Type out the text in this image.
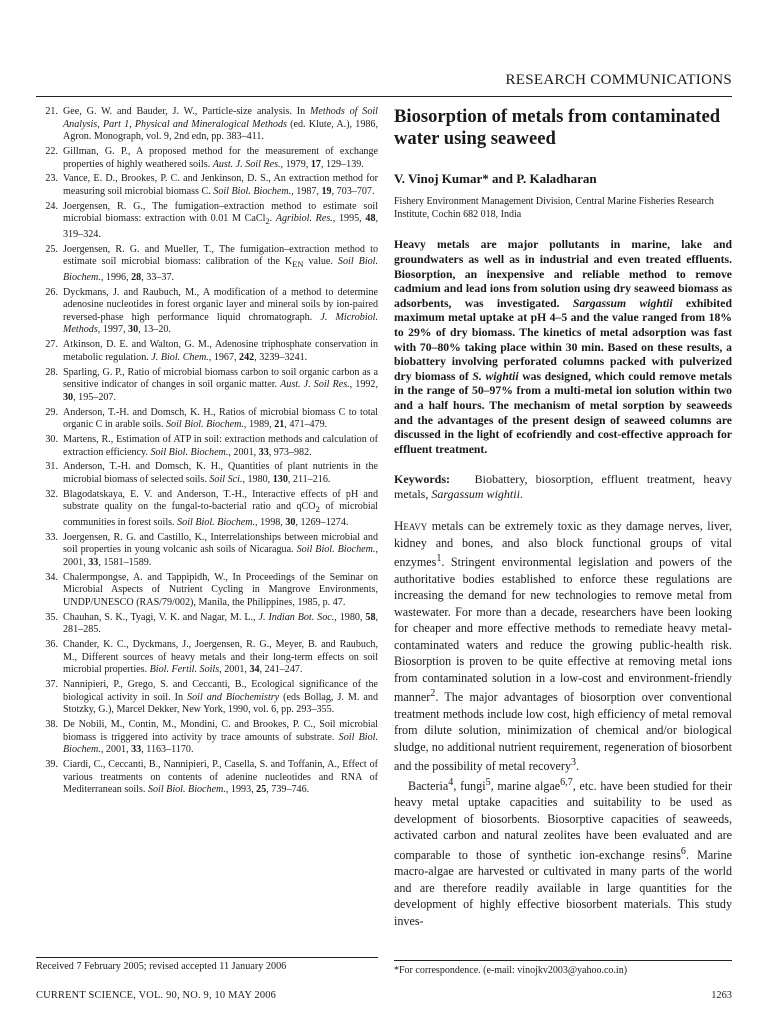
RESEARCH COMMUNICATIONS
21. Gee, G. W. and Bauder, J. W., Particle-size analysis. In Methods of Soil Analysis, Part 1, Physical and Mineralogical Methods (ed. Klute, A.), 1986, Agron. Monograph, vol. 9, 2nd edn, pp. 383–411.
22. Gillman, G. P., A proposed method for the measurement of exchange properties of highly weathered soils. Aust. J. Soil Res., 1979, 17, 129–139.
23. Vance, E. D., Brookes, P. C. and Jenkinson, D. S., An extraction method for measuring soil microbial biomass C. Soil Biol. Biochem., 1987, 19, 703–707.
24. Joergensen, R. G., The fumigation–extraction method to estimate soil microbial biomass: extraction with 0.01 M CaCl$_2$. Agribiol. Res., 1995, 48, 319–324.
25. Joergensen, R. G. and Mueller, T., The fumigation–extraction method to estimate soil microbial biomass: calibration of the $K_{EN}$ value. Soil Biol. Biochem., 1996, 28, 33–37.
26. Dyckmans, J. and Raubuch, M., A modification of a method to determine adenosine nucleotides in forest organic layer and mineral soils by ion-paired reversed-phase high performance liquid chromatograph. J. Microbiol. Methods, 1997, 30, 13–20.
27. Atkinson, D. E. and Walton, G. M., Adenosine triphosphate conservation in metabolic regulation. J. Biol. Chem., 1967, 242, 3239–3241.
28. Sparling, G. P., Ratio of microbial biomass carbon to soil organic carbon as a sensitive indicator of changes in soil organic matter. Aust. J. Soil Res., 1992, 30, 195–207.
29. Anderson, T.-H. and Domsch, K. H., Ratios of microbial biomass C to total organic C in arable soils. Soil Biol. Biochem., 1989, 21, 471–479.
30. Martens, R., Estimation of ATP in soil: extraction methods and calculation of extraction efficiency. Soil Biol. Biochem., 2001, 33, 973–982.
31. Anderson, T.-H. and Domsch, K. H., Quantities of plant nutrients in the microbial biomass of selected soils. Soil Sci., 1980, 130, 211–216.
32. Blagodatskaya, E. V. and Anderson, T.-H., Interactive effects of pH and substrate quality on the fungal-to-bacterial ratio and qCO$_2$ of microbial communities in forest soils. Soil Biol. Biochem., 1998, 30, 1269–1274.
33. Joergensen, R. G. and Castillo, K., Interrelationships between microbial and soil properties in young volcanic ash soils of Nicaragua. Soil Biol. Biochem., 2001, 33, 1581–1589.
34. Chalermpongse, A. and Tappipidh, W., In Proceedings of the Seminar on Microbial Aspects of Nutrient Cycling in Mangrove Environments, UNDP/UNESCO (RAS/79/002), Manila, the Philippines, 1985, p. 47.
35. Chauhan, S. K., Tyagi, V. K. and Nagar, M. L., J. Indian Bot. Soc., 1980, 58, 281–285.
36. Chander, K. C., Dyckmans, J., Joergensen, R. G., Meyer, B. and Raubuch, M., Different sources of heavy metals and their long-term effects on soil microbial properties. Biol. Fertil. Soils, 2001, 34, 241–247.
37. Nannipieri, P., Grego, S. and Ceccanti, B., Ecological significance of the biological activity in soil. In Soil and Biochemistry (eds Bollag, J. M. and Stotzky, G.), Marcel Dekker, New York, 1990, vol. 6, pp. 293–355.
38. De Nobili, M., Contin, M., Mondini, C. and Brookes, P. C., Soil microbial biomass is triggered into activity by trace amounts of substrate. Soil Biol. Biochem., 2001, 33, 1163–1170.
39. Ciardi, C., Ceccanti, B., Nannipieri, P., Casella, S. and Toffanin, A., Effect of various treatments on contents of adenine nucleotides and RNA of Mediterranean soils. Soil Biol. Biochem., 1993, 25, 739–746.
Received 7 February 2005; revised accepted 11 January 2006
Biosorption of metals from contaminated water using seaweed
V. Vinoj Kumar* and P. Kaladharan
Fishery Environment Management Division, Central Marine Fisheries Research Institute, Cochin 682 018, India
Heavy metals are major pollutants in marine, lake and groundwaters as well as in industrial and even treated effluents. Biosorption, an inexpensive and reliable method to remove cadmium and lead ions from solution using dry seaweed biomass as adsorbents, was investigated. Sargassum wightii exhibited maximum metal uptake at pH 4–5 and the value ranged from 18% to 29% of dry biomass. The kinetics of metal adsorption was fast with 70–80% taking place within 30 min. Based on these results, a biobattery involving perforated columns packed with pulverized dry biomass of S. wightii was designed, which could remove metals in the range of 50–97% from a multi-metal ion solution within two and a half hours. The mechanism of metal sorption by seaweeds and the advantages of the present design of seaweed columns are discussed in the light of ecofriendly and cost-effective approach for effluent treatment.
Keywords: Biobattery, biosorption, effluent treatment, heavy metals, Sargassum wightii.

Heavy metals can be extremely toxic as they damage nerves, liver, kidney and bones, and also block functional groups of vital enzymes$^1$. Stringent environmental legislation and powers of the authoritative bodies established to enforce these regulations are increasing the demand for new technologies to remove metal from wastewater. For more than a decade, researchers have been looking for cheaper and more effective methods to remediate heavy metal-contaminated waters and reduce the growing public-health risk. Biosorption is proven to be quite effective at removing metal ions from contaminated solution in a low-cost and environment-friendly manner$^2$. The major advantages of biosorption over conventional treatment methods include low cost, high efficiency of metal removal from dilute solution, minimization of chemical and/or biological sludge, no additional nutrient requirement, regeneration of biosorbent and the possibility of metal recovery$^3$.

Bacteria$^4$, fungi$^5$, marine algae$^{6,7}$, etc. have been studied for their heavy metal uptake capacities and suitability to be used as development of biosorbents. Biosorptive capacities of seaweeds, activated carbon and natural zeolites have been evaluated and are comparable to those of synthetic ion-exchange resins$^6$. Marine macro-algae are harvested or cultivated in many parts of the world and are therefore readily available in large quantities for the development of highly effective biosorbent materials. This study inves-

*For correspondence. (e-mail: vinojkv2003@yahoo.co.in)
CURRENT SCIENCE, VOL. 90, NO. 9, 10 MAY 2006	1263
